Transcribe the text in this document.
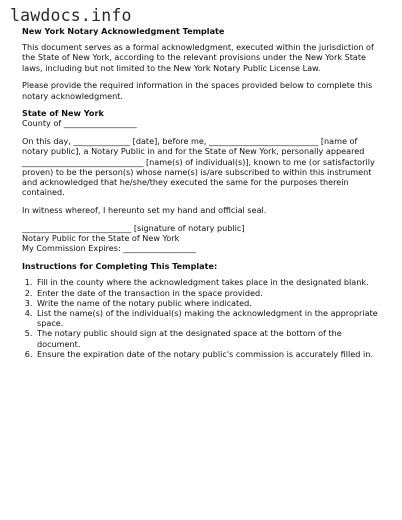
lawdocs.info
New York Notary Acknowledgment Template

This document serves as a formal acknowledgment, executed within the jurisdiction of the State of New York, according to the relevant provisions under the New York State laws, including but not limited to the New York Notary Public License Law.

Please provide the required information in the spaces provided below to complete this notary acknowledgment.

State of New York
County of __________________

On this day, ______________ [date], before me, ___________________________ [name of notary public], a Notary Public in and for the State of New York, personally appeared ______________________________ [name(s) of individual(s)], known to me (or satisfactorily proven) to be the person(s) whose name(s) is/are subscribed to within this instrument and acknowledged that he/she/they executed the same for the purposes therein contained.

In witness whereof, I hereunto set my hand and official seal.

___________________________ [signature of notary public]
Notary Public for the State of New York
My Commission Expires: __________________
Instructions for Completing This Template:
1. Fill in the county where the acknowledgment takes place in the designated blank.
2. Enter the date of the transaction in the space provided.
3. Write the name of the notary public where indicated.
4. List the name(s) of the individual(s) making the acknowledgment in the appropriate space.
5. The notary public should sign at the designated space at the bottom of the document.
6. Ensure the expiration date of the notary public's commission is accurately filled in.
